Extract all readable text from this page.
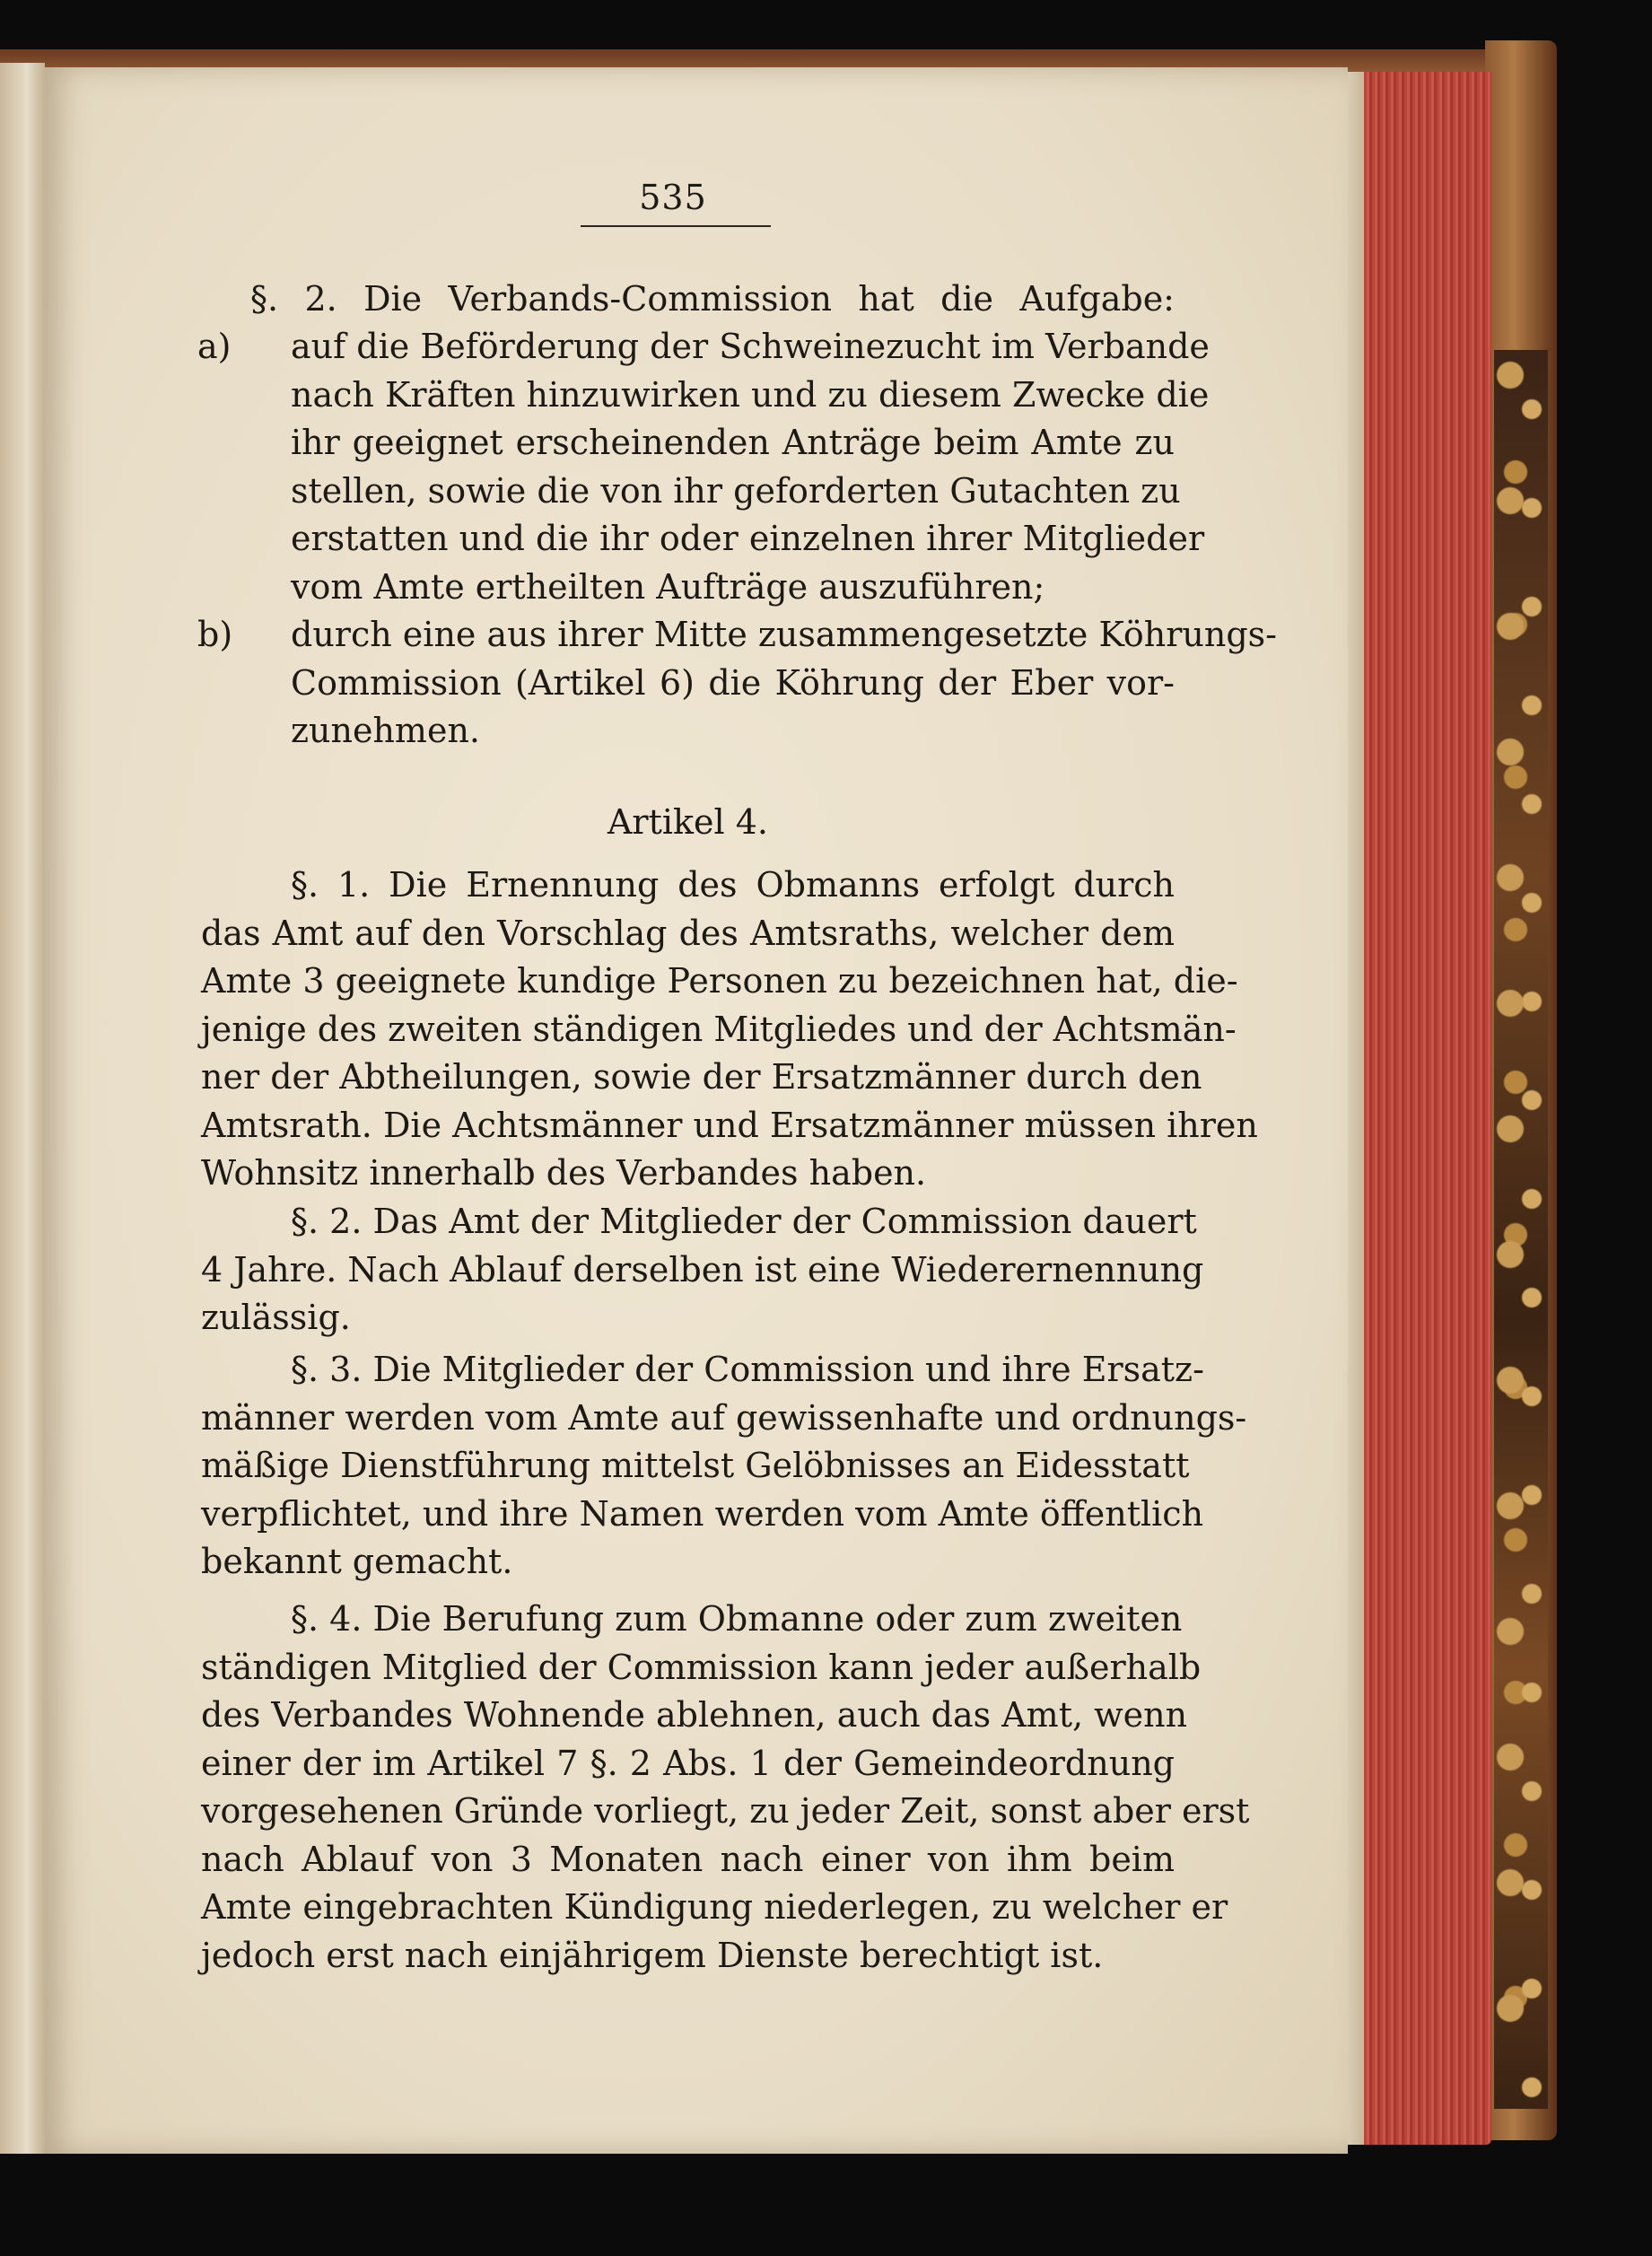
535
§. 2. Die Verbands-Commission hat die Aufgabe:
a) auf die Beförderung der Schweinezucht im Verbande
nach Kräften hinzuwirken und zu diesem Zwecke die
ihr geeignet erscheinenden Anträge beim Amte zu
stellen, sowie die von ihr geforderten Gutachten zu
erstatten und die ihr oder einzelnen ihrer Mitglieder
vom Amte ertheilten Aufträge auszuführen;
b) durch eine aus ihrer Mitte zusammengesetzte Köhrungs-
Commission (Artikel 6) die Köhrung der Eber vor-
zunehmen.
Artikel 4.
§. 1. Die Ernennung des Obmanns erfolgt durch
das Amt auf den Vorschlag des Amtsraths, welcher dem
Amte 3 geeignete kundige Personen zu bezeichnen hat, die-
jenige des zweiten ständigen Mitgliedes und der Achtsmän-
ner der Abtheilungen, sowie der Ersatzmänner durch den
Amtsrath. Die Achtsmänner und Ersatzmänner müssen ihren
Wohnsitz innerhalb des Verbandes haben.
§. 2. Das Amt der Mitglieder der Commission dauert
4 Jahre. Nach Ablauf derselben ist eine Wiederernennung
zulässig.
§. 3. Die Mitglieder der Commission und ihre Ersatz-
männer werden vom Amte auf gewissenhafte und ordnungs-
mäßige Dienstführung mittelst Gelöbnisses an Eidesstatt
verpflichtet, und ihre Namen werden vom Amte öffentlich
bekannt gemacht.
§. 4. Die Berufung zum Obmanne oder zum zweiten
ständigen Mitglied der Commission kann jeder außerhalb
des Verbandes Wohnende ablehnen, auch das Amt, wenn
einer der im Artikel 7 §. 2 Abs. 1 der Gemeindeordnung
vorgesehenen Gründe vorliegt, zu jeder Zeit, sonst aber erst
nach Ablauf von 3 Monaten nach einer von ihm beim
Amte eingebrachten Kündigung niederlegen, zu welcher er
jedoch erst nach einjährigem Dienste berechtigt ist.
